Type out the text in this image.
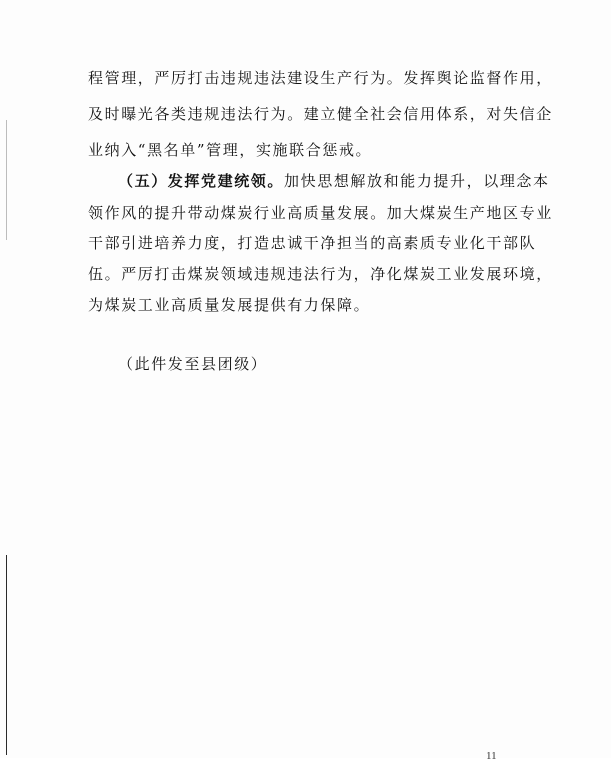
程管理，严厉打击违规违法建设生产行为。发挥舆论监督作用，
及时曝光各类违规违法行为。建立健全社会信用体系，对失信企
业纳入“黑名单”管理，实施联合惩戒。
（五）发挥党建统领。加快思想解放和能力提升，以理念本
领作风的提升带动煤炭行业高质量发展。加大煤炭生产地区专业
干部引进培养力度，打造忠诚干净担当的高素质专业化干部队
伍。严厉打击煤炭领域违规违法行为，净化煤炭工业发展环境，
为煤炭工业高质量发展提供有力保障。
（此件发至县团级）
11
